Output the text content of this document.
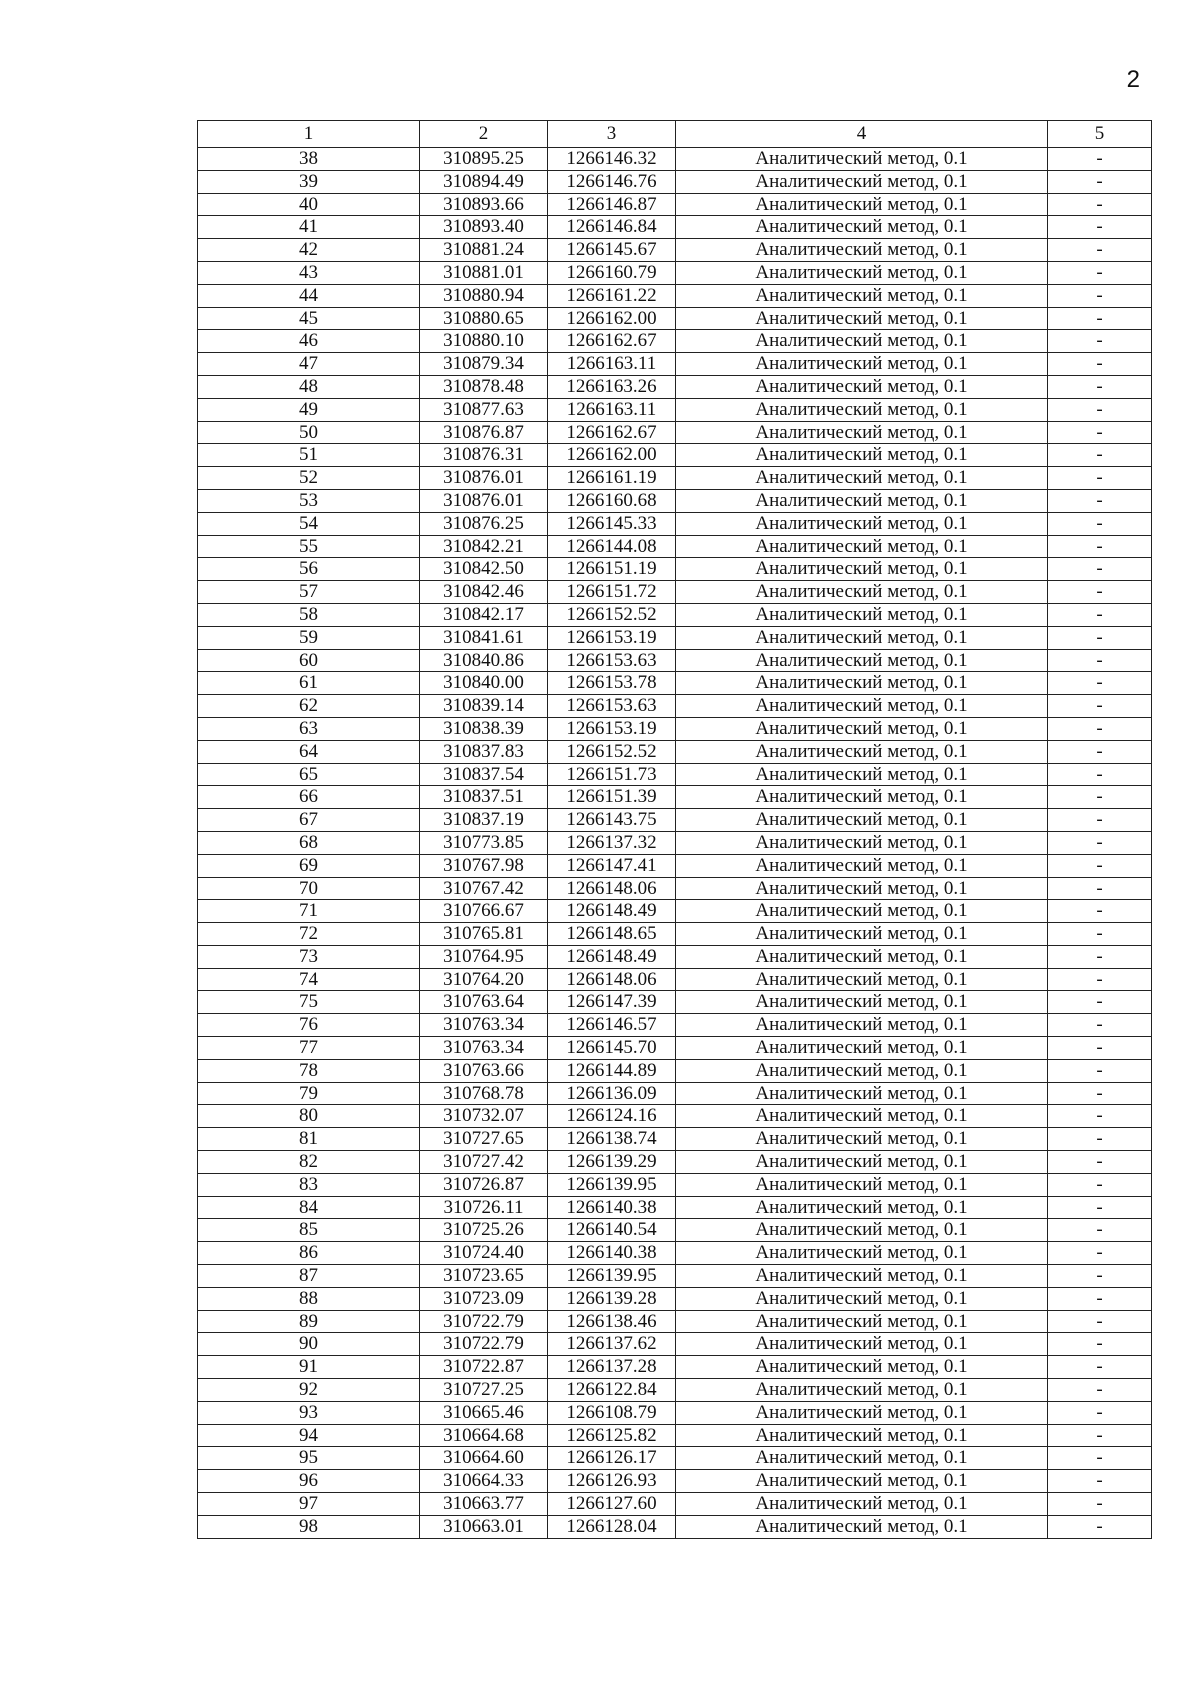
2
1	2	3	4	5
38	310895.25	1266146.32	Аналитический метод, 0.1	-
39	310894.49	1266146.76	Аналитический метод, 0.1	-
40	310893.66	1266146.87	Аналитический метод, 0.1	-
41	310893.40	1266146.84	Аналитический метод, 0.1	-
42	310881.24	1266145.67	Аналитический метод, 0.1	-
43	310881.01	1266160.79	Аналитический метод, 0.1	-
44	310880.94	1266161.22	Аналитический метод, 0.1	-
45	310880.65	1266162.00	Аналитический метод, 0.1	-
46	310880.10	1266162.67	Аналитический метод, 0.1	-
47	310879.34	1266163.11	Аналитический метод, 0.1	-
48	310878.48	1266163.26	Аналитический метод, 0.1	-
49	310877.63	1266163.11	Аналитический метод, 0.1	-
50	310876.87	1266162.67	Аналитический метод, 0.1	-
51	310876.31	1266162.00	Аналитический метод, 0.1	-
52	310876.01	1266161.19	Аналитический метод, 0.1	-
53	310876.01	1266160.68	Аналитический метод, 0.1	-
54	310876.25	1266145.33	Аналитический метод, 0.1	-
55	310842.21	1266144.08	Аналитический метод, 0.1	-
56	310842.50	1266151.19	Аналитический метод, 0.1	-
57	310842.46	1266151.72	Аналитический метод, 0.1	-
58	310842.17	1266152.52	Аналитический метод, 0.1	-
59	310841.61	1266153.19	Аналитический метод, 0.1	-
60	310840.86	1266153.63	Аналитический метод, 0.1	-
61	310840.00	1266153.78	Аналитический метод, 0.1	-
62	310839.14	1266153.63	Аналитический метод, 0.1	-
63	310838.39	1266153.19	Аналитический метод, 0.1	-
64	310837.83	1266152.52	Аналитический метод, 0.1	-
65	310837.54	1266151.73	Аналитический метод, 0.1	-
66	310837.51	1266151.39	Аналитический метод, 0.1	-
67	310837.19	1266143.75	Аналитический метод, 0.1	-
68	310773.85	1266137.32	Аналитический метод, 0.1	-
69	310767.98	1266147.41	Аналитический метод, 0.1	-
70	310767.42	1266148.06	Аналитический метод, 0.1	-
71	310766.67	1266148.49	Аналитический метод, 0.1	-
72	310765.81	1266148.65	Аналитический метод, 0.1	-
73	310764.95	1266148.49	Аналитический метод, 0.1	-
74	310764.20	1266148.06	Аналитический метод, 0.1	-
75	310763.64	1266147.39	Аналитический метод, 0.1	-
76	310763.34	1266146.57	Аналитический метод, 0.1	-
77	310763.34	1266145.70	Аналитический метод, 0.1	-
78	310763.66	1266144.89	Аналитический метод, 0.1	-
79	310768.78	1266136.09	Аналитический метод, 0.1	-
80	310732.07	1266124.16	Аналитический метод, 0.1	-
81	310727.65	1266138.74	Аналитический метод, 0.1	-
82	310727.42	1266139.29	Аналитический метод, 0.1	-
83	310726.87	1266139.95	Аналитический метод, 0.1	-
84	310726.11	1266140.38	Аналитический метод, 0.1	-
85	310725.26	1266140.54	Аналитический метод, 0.1	-
86	310724.40	1266140.38	Аналитический метод, 0.1	-
87	310723.65	1266139.95	Аналитический метод, 0.1	-
88	310723.09	1266139.28	Аналитический метод, 0.1	-
89	310722.79	1266138.46	Аналитический метод, 0.1	-
90	310722.79	1266137.62	Аналитический метод, 0.1	-
91	310722.87	1266137.28	Аналитический метод, 0.1	-
92	310727.25	1266122.84	Аналитический метод, 0.1	-
93	310665.46	1266108.79	Аналитический метод, 0.1	-
94	310664.68	1266125.82	Аналитический метод, 0.1	-
95	310664.60	1266126.17	Аналитический метод, 0.1	-
96	310664.33	1266126.93	Аналитический метод, 0.1	-
97	310663.77	1266127.60	Аналитический метод, 0.1	-
98	310663.01	1266128.04	Аналитический метод, 0.1	-
